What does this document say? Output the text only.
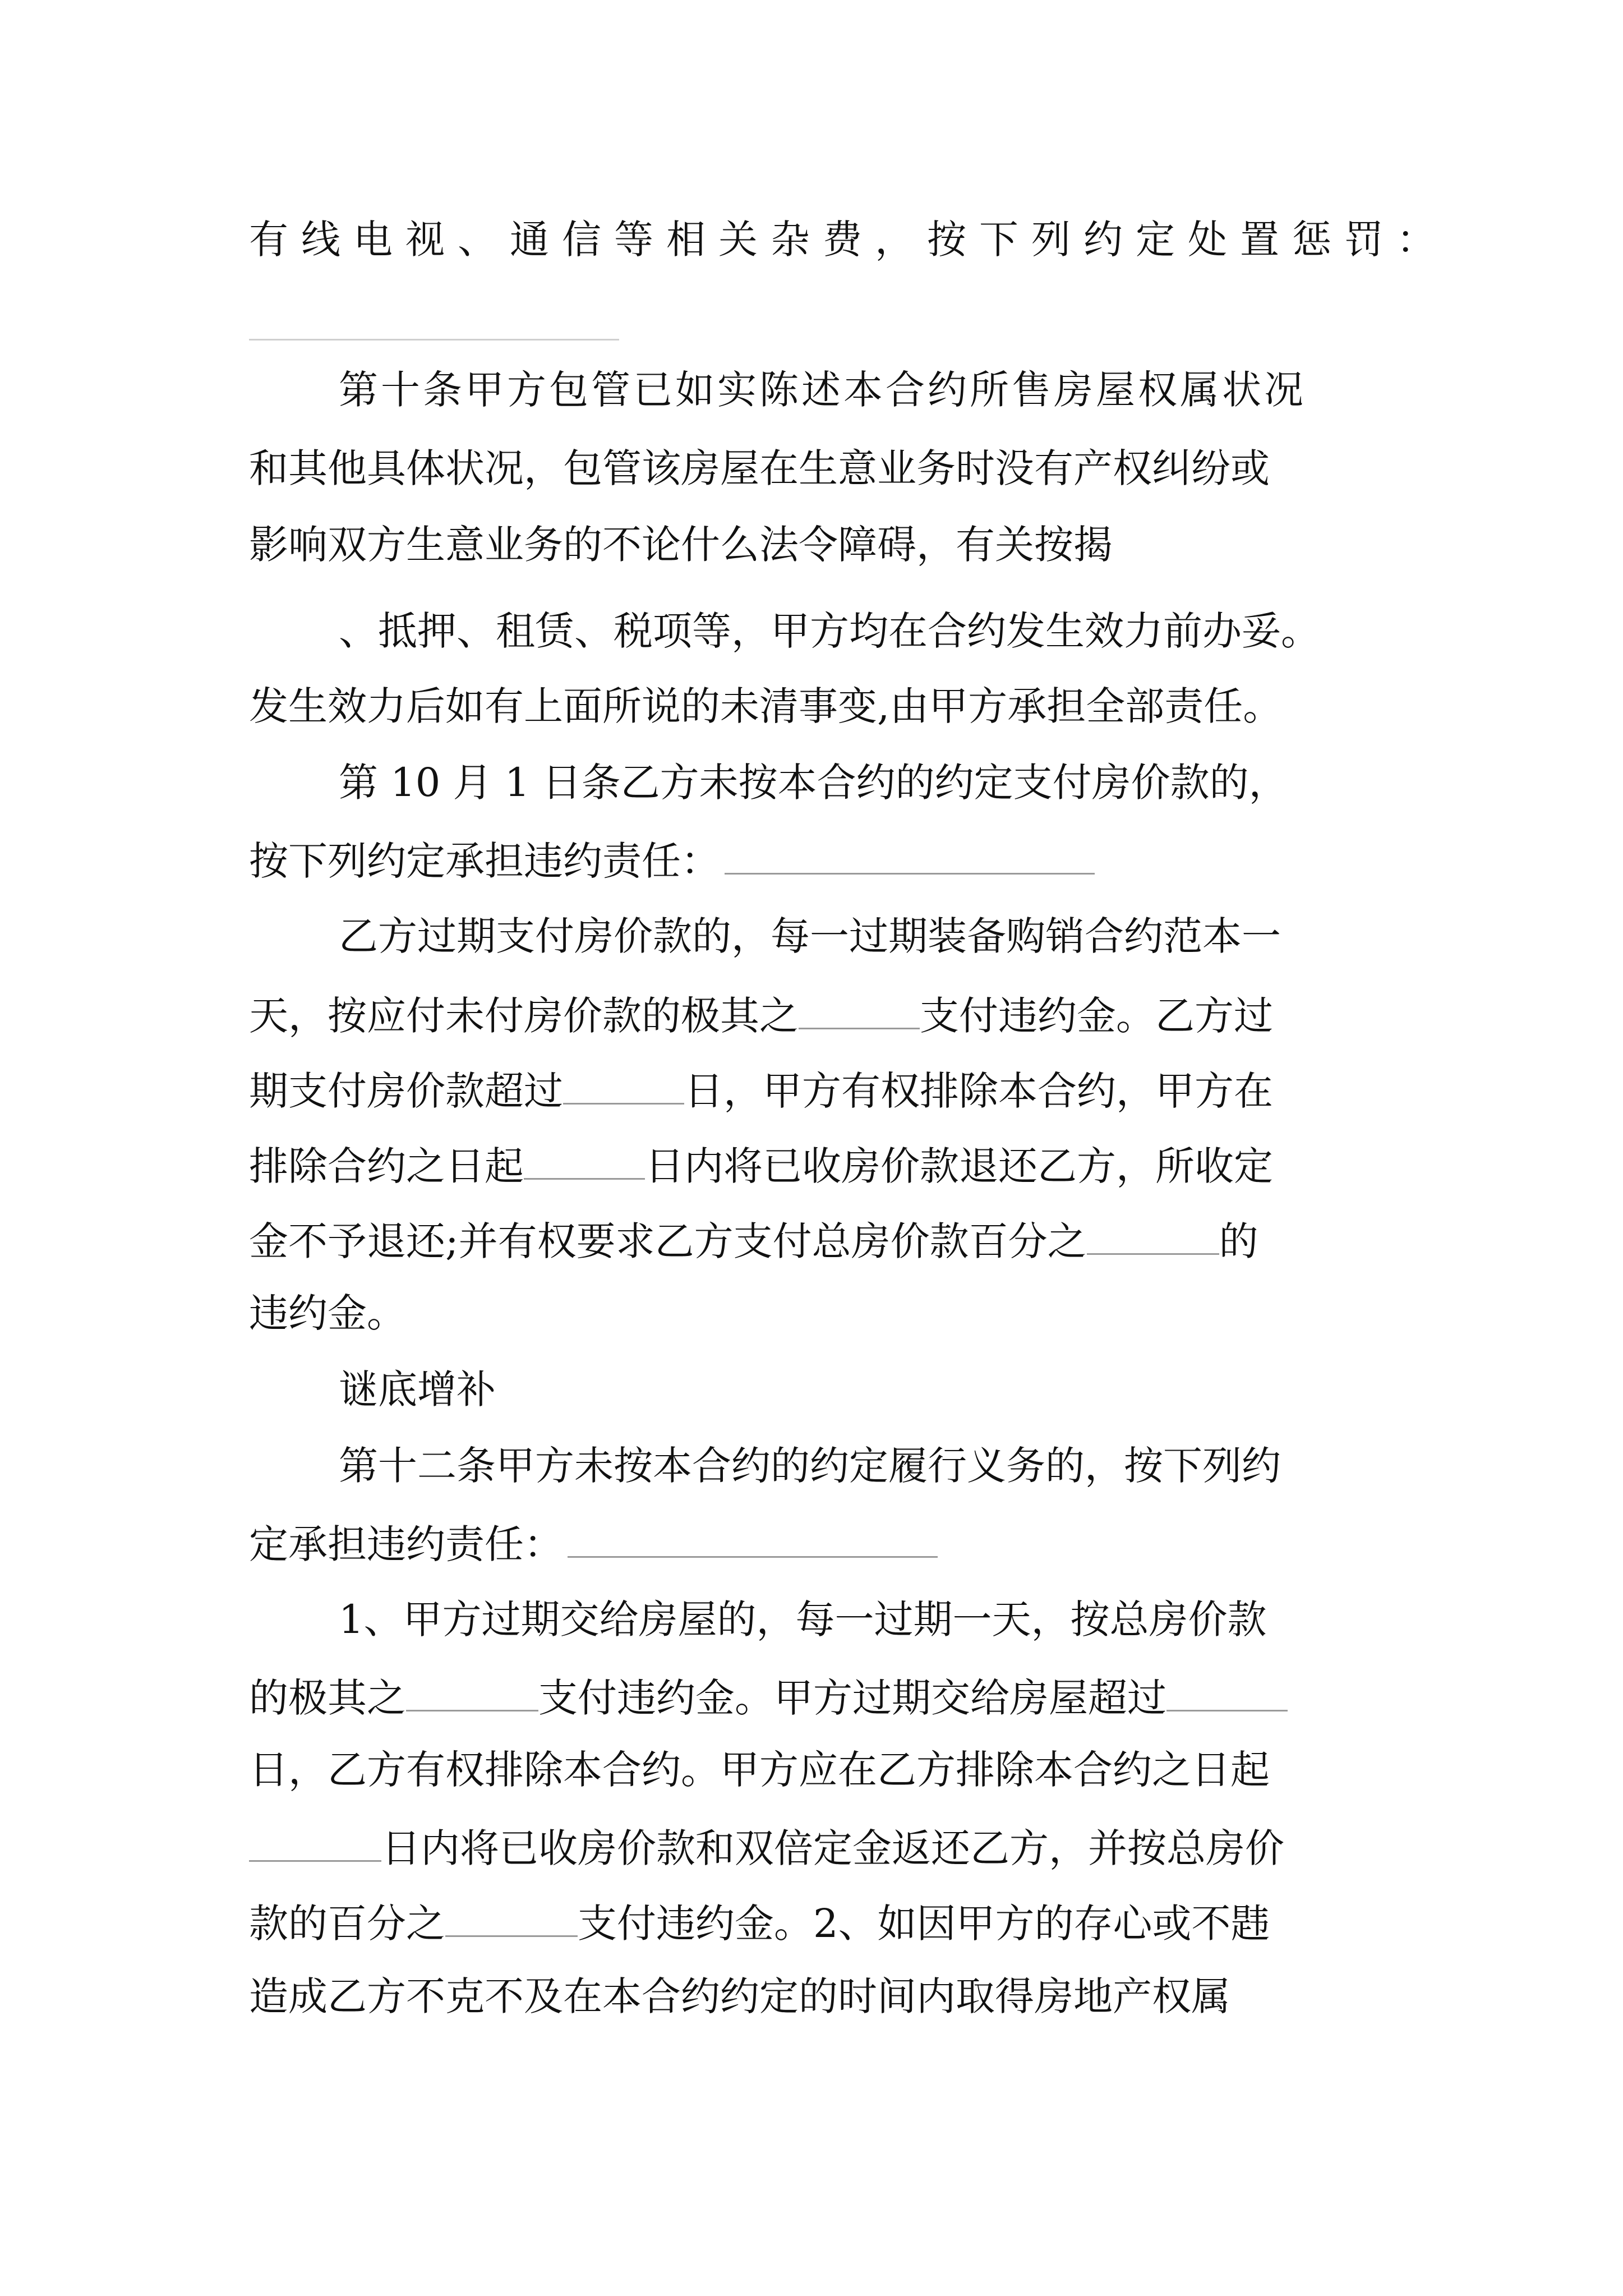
有线电视、通信等相关杂费，按下列约定处置惩罚：
第十条甲方包管已如实陈述本合约所售房屋权属状况
和其他具体状况，包管该房屋在生意业务时没有产权纠纷或
影响双方生意业务的不论什么法令障碍，有关按揭
、抵押、租赁、税项等，甲方均在合约发生效力前办妥。
发生效力后如有上面所说的未清事变,由甲方承担全部责任。
第 10 月 1 日条乙方未按本合约的约定支付房价款的，
按下列约定承担违约责任：
乙方过期支付房价款的，每一过期装备购销合约范本一
天，按应付未付房价款的极其之	支付违约金。乙方过
期支付房价款超过	日，甲方有权排除本合约，甲方在
排除合约之日起	日内将已收房价款退还乙方，所收定
金不予退还;并有权要求乙方支付总房价款百分之	的
违约金。
谜底增补
第十二条甲方未按本合约的约定履行义务的，按下列约
定承担违约责任：
1、甲方过期交给房屋的，每一过期一天，按总房价款
的极其之	支付违约金。甲方过期交给房屋超过
日，乙方有权排除本合约。甲方应在乙方排除本合约之日起
日内将已收房价款和双倍定金返还乙方，并按总房价
款的百分之	支付违约金。2、如因甲方的存心或不韪
造成乙方不克不及在本合约约定的时间内取得房地产权属
